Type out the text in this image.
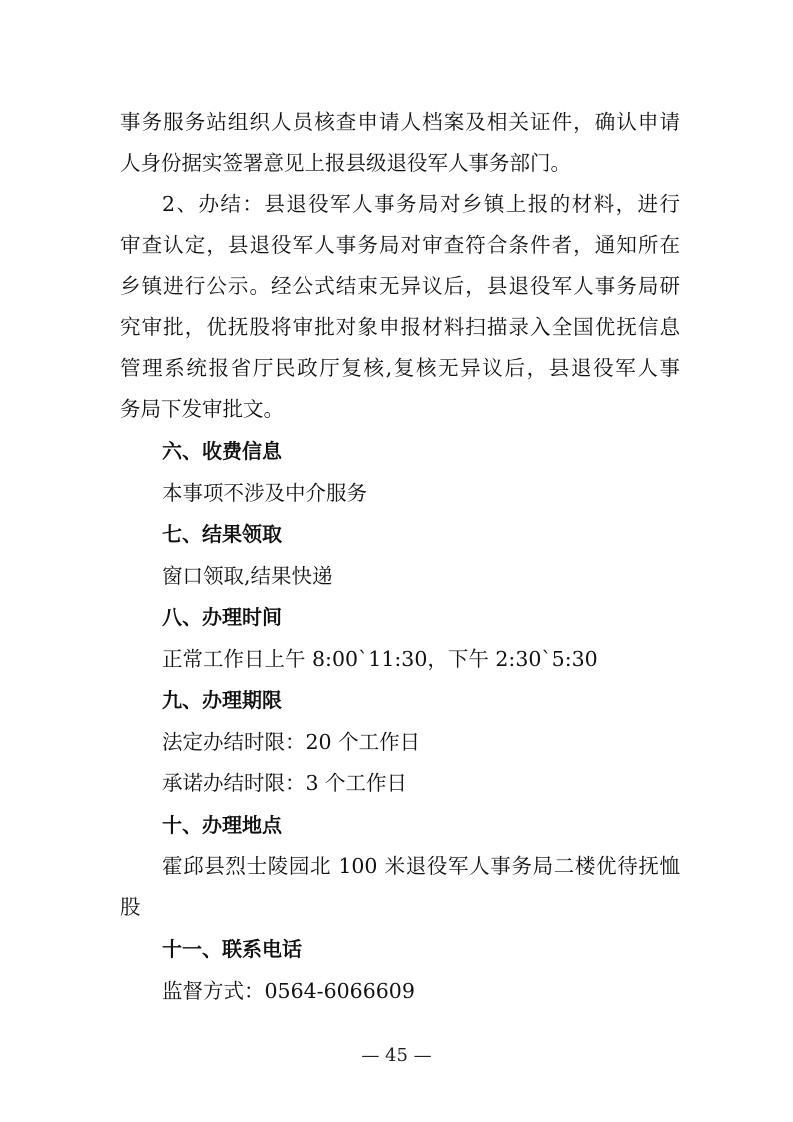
事务服务站组织人员核查申请人档案及相关证件，确认申请
人身份据实签署意见上报县级退役军人事务部门。
2、办结：县退役军人事务局对乡镇上报的材料，进行
审查认定，县退役军人事务局对审查符合条件者，通知所在
乡镇进行公示。经公式结束无异议后，县退役军人事务局研
究审批，优抚股将审批对象申报材料扫描录入全国优抚信息
管理系统报省厅民政厅复核,复核无异议后，县退役军人事
务局下发审批文。
六、收费信息
本事项不涉及中介服务
七、结果领取
窗口领取,结果快递
八、办理时间
正常工作日上午 8:00`11:30，下午 2:30`5:30
九、办理期限
法定办结时限：20 个工作日
承诺办结时限：3 个工作日
十、办理地点
霍邱县烈士陵园北 100 米退役军人事务局二楼优待抚恤
股
十一、联系电话
监督方式：0564-6066609
— 45 —
